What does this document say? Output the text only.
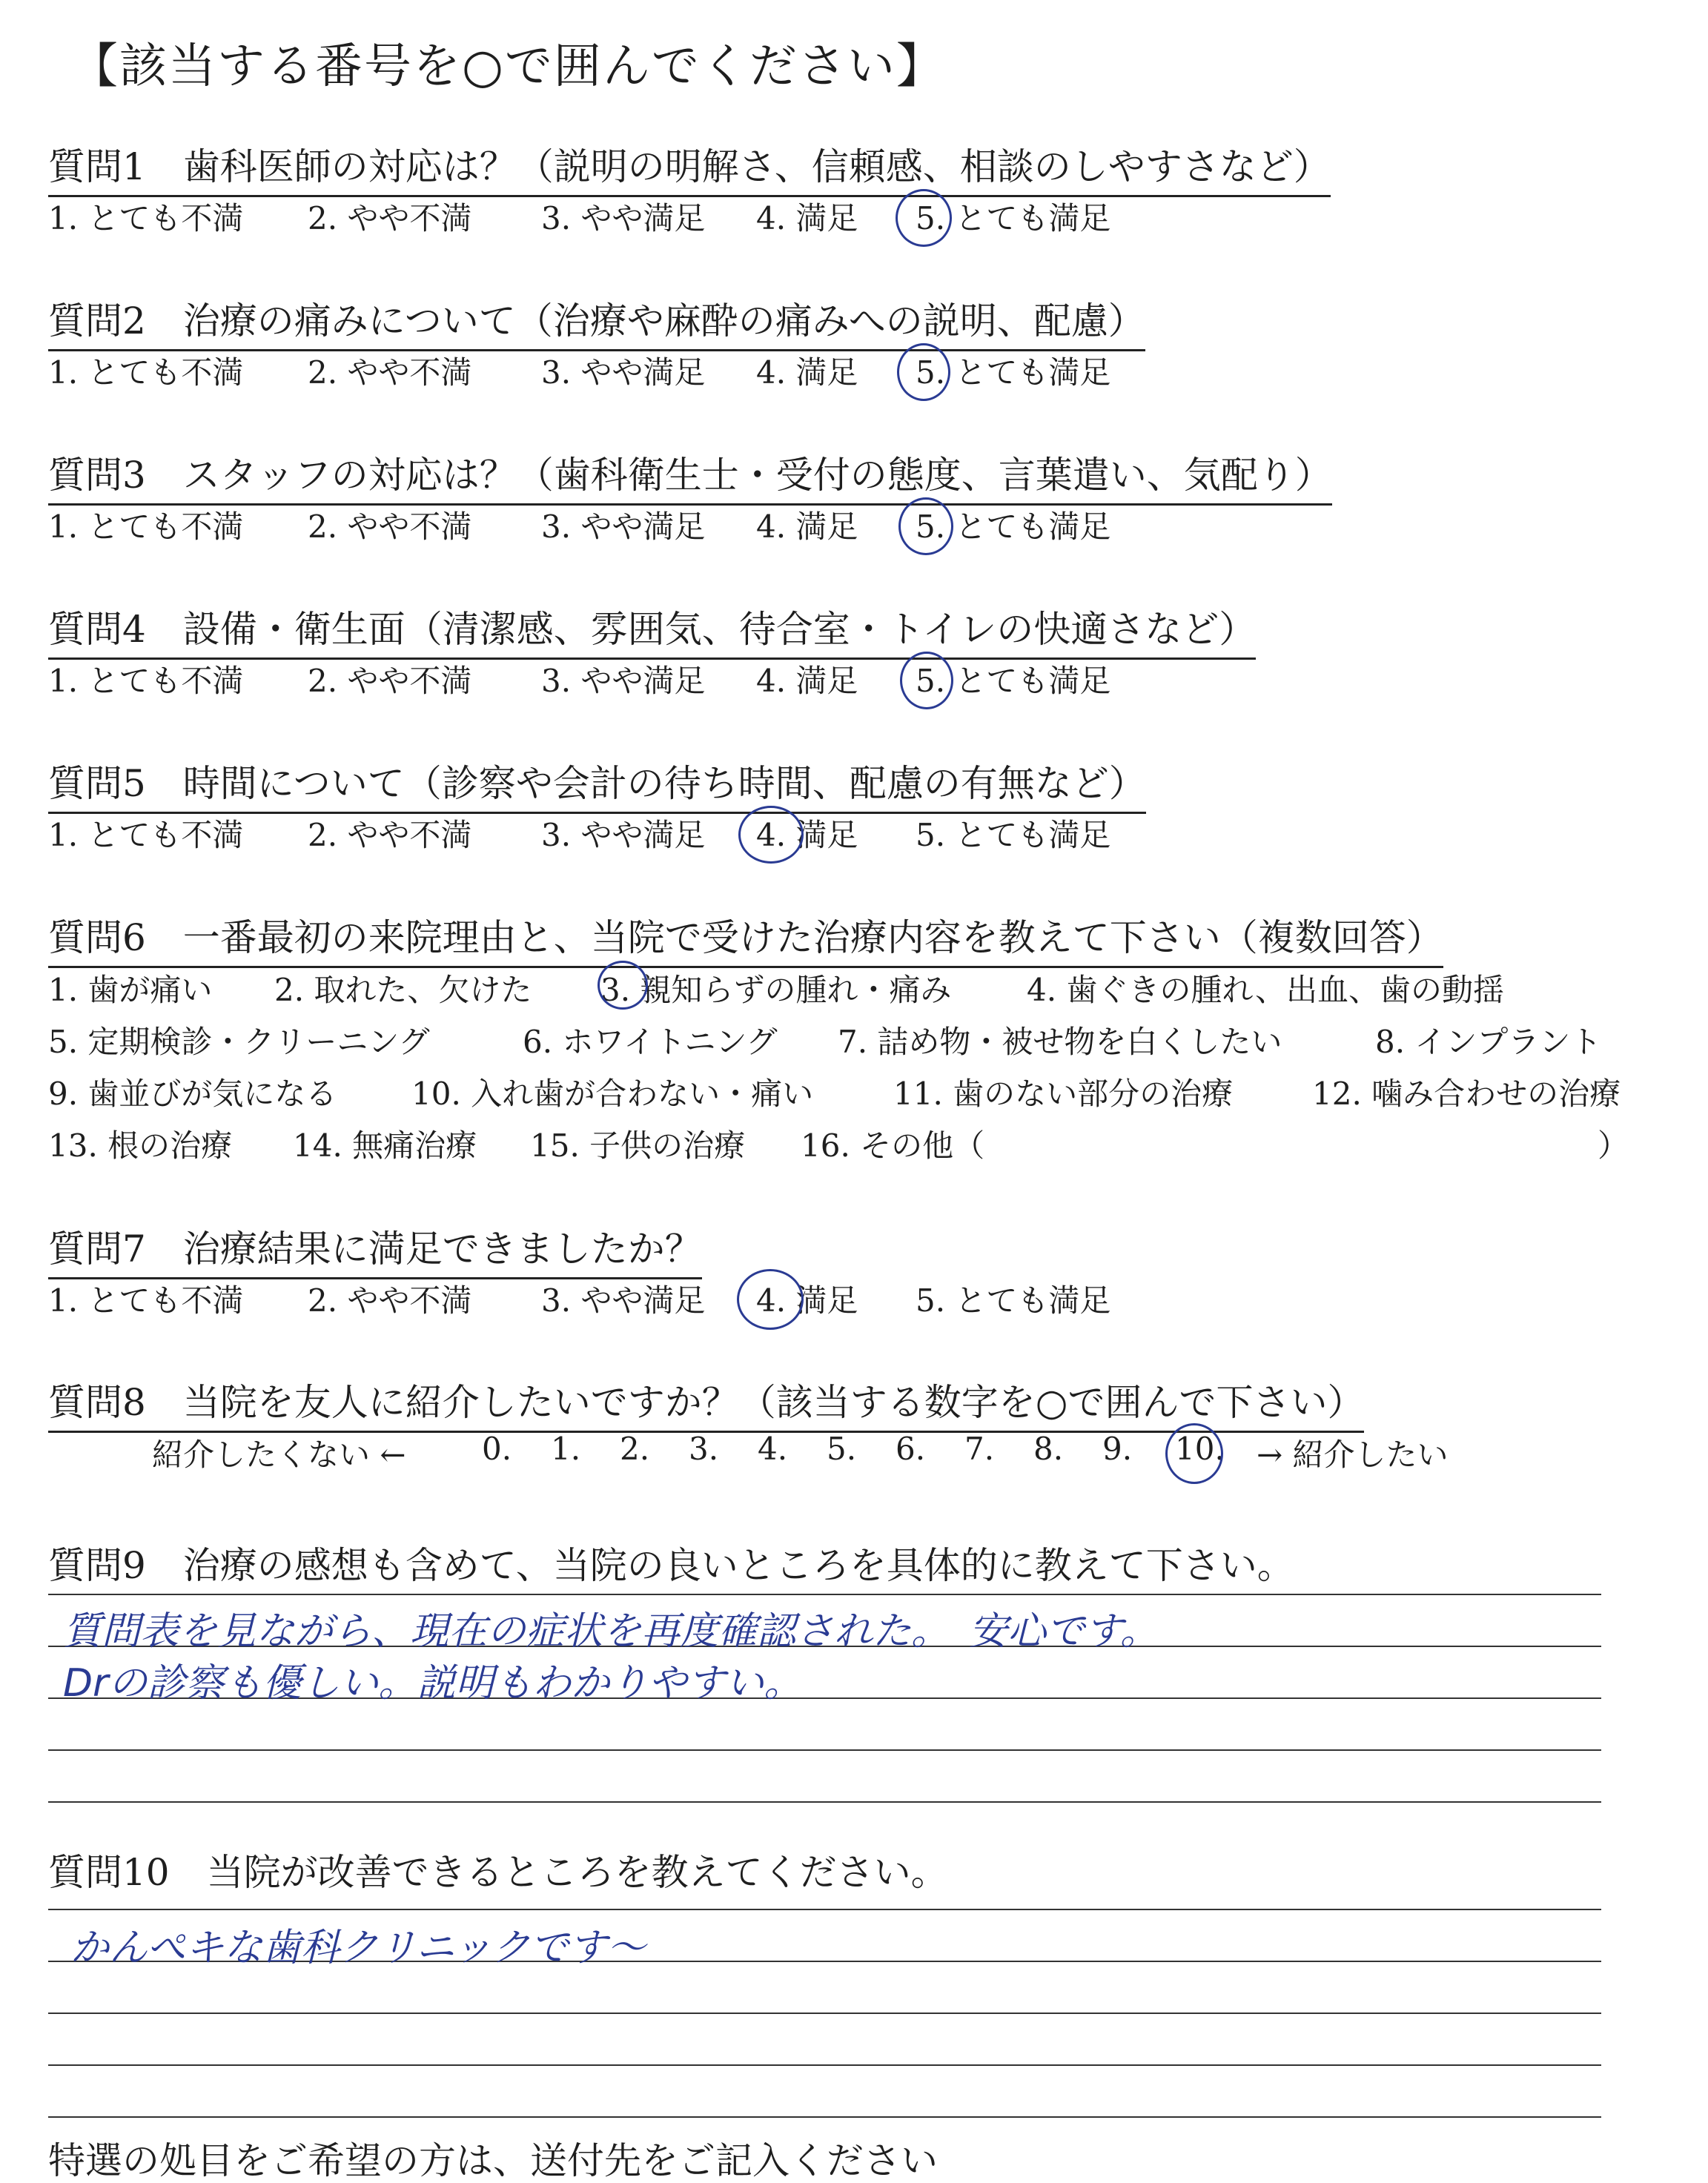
【該当する番号を○で囲んでください】
質問1　歯科医師の対応は？（説明の明解さ、信頼感、相談のしやすさなど）
1. とても不満 2. やや不満 3. やや満足 4. 満足 5. とても満足
質問2　治療の痛みについて（治療や麻酔の痛みへの説明、配慮）
1. とても不満 2. やや不満 3. やや満足 4. 満足 5. とても満足
質問3　スタッフの対応は？（歯科衛生士・受付の態度、言葉遣い、気配り）
1. とても不満 2. やや不満 3. やや満足 4. 満足 5. とても満足
質問4　設備・衛生面（清潔感、雰囲気、待合室・トイレの快適さなど）
1. とても不満 2. やや不満 3. やや満足 4. 満足 5. とても満足
質問5　時間について（診察や会計の待ち時間、配慮の有無など）
1. とても不満 2. やや不満 3. やや満足 4. 満足 5. とても満足
質問6　一番最初の来院理由と、当院で受けた治療内容を教えて下さい（複数回答）
1. 歯が痛い 2. 取れた、欠けた 3. 親知らずの腫れ・痛み 4. 歯ぐきの腫れ、出血、歯の動揺
5. 定期検診・クリーニング	6. ホワイトニング 7. 詰め物・被せ物を白くしたい	8. インプラント
9. 歯並びが気になる 10. 入れ歯が合わない・痛い	11. 歯のない部分の治療	12. 噛み合わせの治療
13. 根の治療 14. 無痛治療 15. 子供の治療 16. その他（	）
質問7　治療結果に満足できましたか？
1. とても不満 2. やや不満 3. やや満足 4. 満足 5. とても満足
質問8　当院を友人に紹介したいですか？（該当する数字を○で囲んで下さい）
紹介したくない ← 0. 1. 2. 3. 4. 5. 6. 7. 8. 9. 10. → 紹介したい
質問9　治療の感想も含めて、当院の良いところを具体的に教えて下さい。
質問表を見ながら、現在の症状を再度確認された。　安心です。
Drの診察も優しい。説明もわかりやすい。
質問10　当院が改善できるところを教えてください。
かんぺキな歯科クリニックです〜
特選の処目をご希望の方は、送付先をご記入ください
